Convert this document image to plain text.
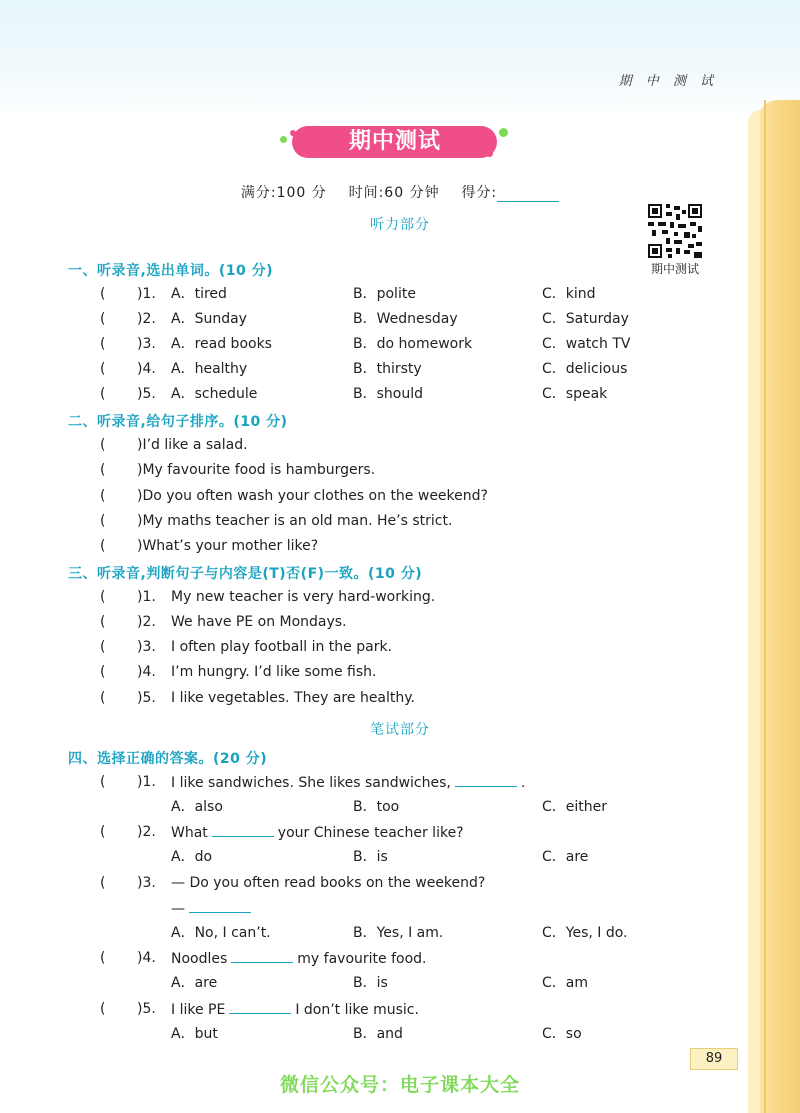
期 中 测 试
期中测试
满分:100 分 时间:60 分钟 得分:
听力部分
期中测试
一、听录音,选出单词。(10 分)
( )1. A．tired	B．polite	C．kind
( )2. A．Sunday	B．Wednesday	C．Saturday
( )3. A．read books	B．do homework	C．watch TV
( )4. A．healthy	B．thirsty	C．delicious
( )5. A．schedule	B．should	C．speak
二、听录音,给句子排序。(10 分)
( )I’d like a salad.
( )My favourite food is hamburgers.
( )Do you often wash your clothes on the weekend?
( )My maths teacher is an old man. He’s strict.
( )What’s your mother like?
三、听录音,判断句子与内容是(T)否(F)一致。(10 分)
( )1. My new teacher is very hard-working.
( )2. We have PE on Mondays.
( )3. I often play football in the park.
( )4. I’m hungry. I’d like some fish.
( )5. I like vegetables. They are healthy.
笔试部分
四、选择正确的答案。(20 分)
( )1. I like sandwiches. She likes sandwiches,	.
A．also	B．too	C．either
( )2. What	your Chinese teacher like?
A．do	B．is	C．are
( )3. — Do you often read books on the weekend?
—
A．No, I can’t.	B．Yes, I am.	C．Yes, I do.
( )4. Noodles	my favourite food.
A．are	B．is	C．am
( )5. I like PE	I don’t like music.
A．but	B．and	C．so
89
微信公众号：电子课本大全
